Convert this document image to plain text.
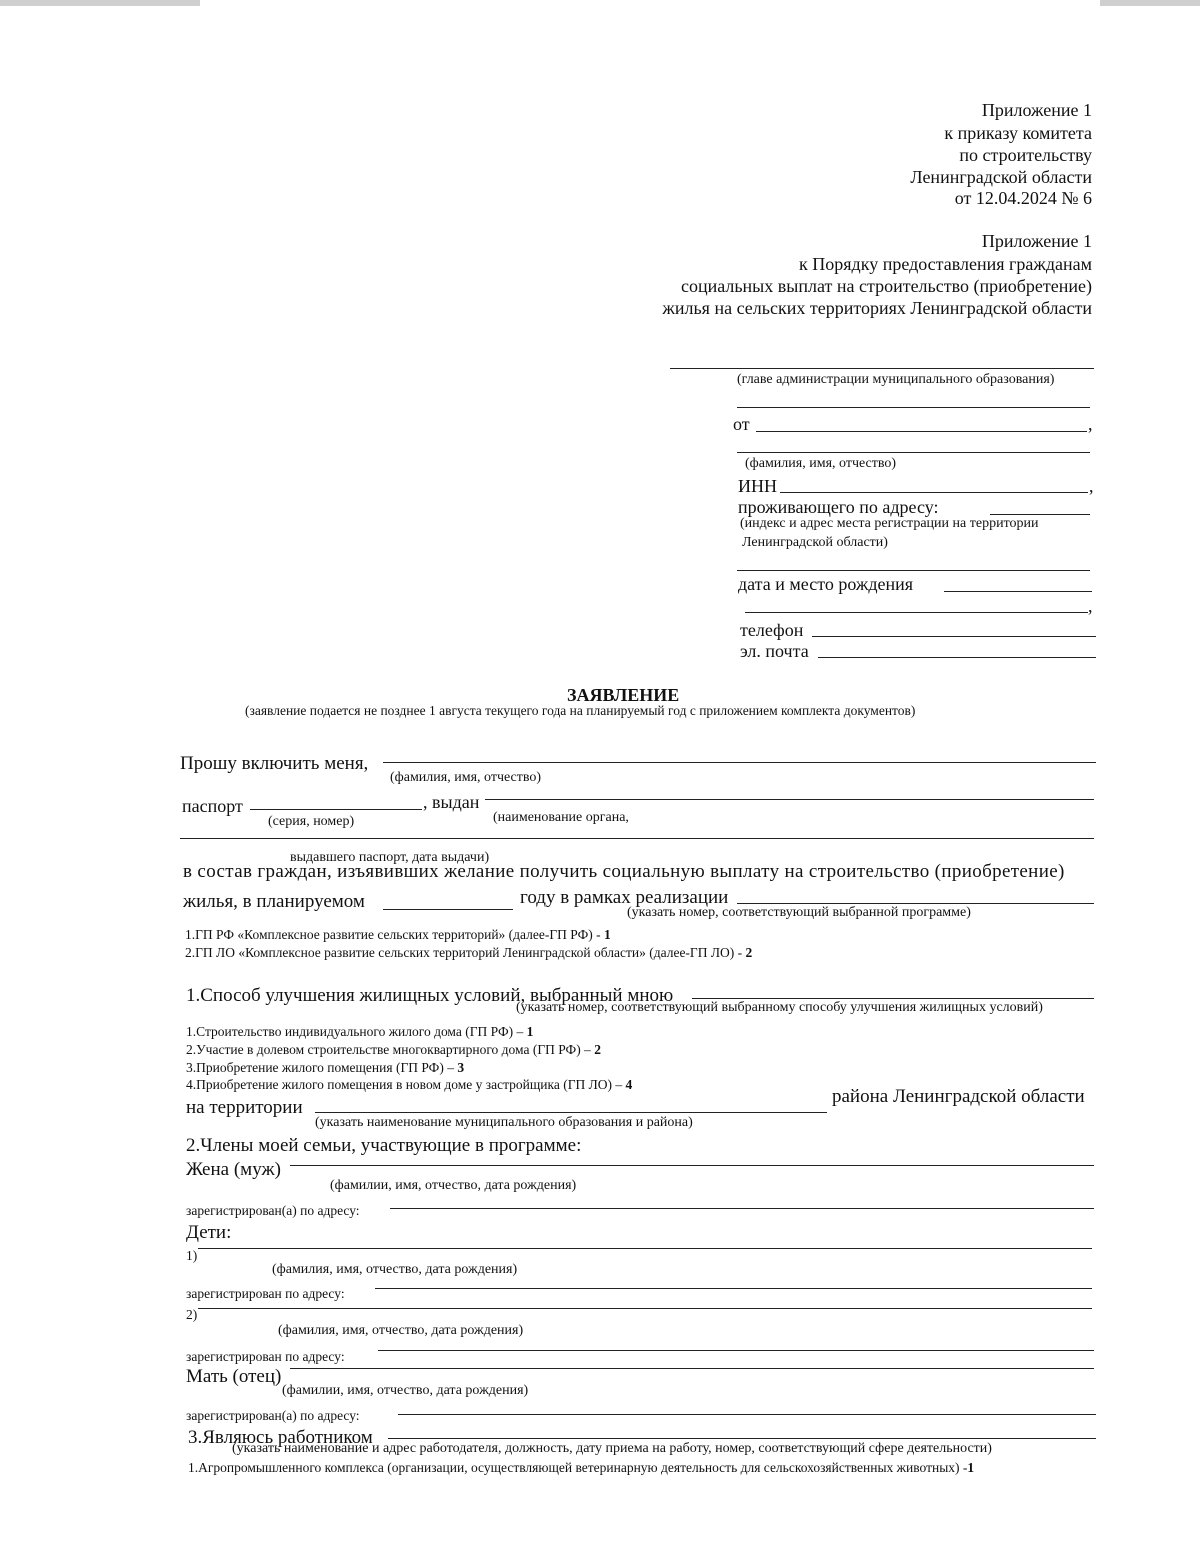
Приложение 1
к приказу комитета
по строительству
Ленинградской области
от 12.04.2024 № 6
Приложение 1
к Порядку предоставления гражданам
социальных выплат на строительство (приобретение)
жилья на сельских территориях Ленинградской области
(главе администрации муниципального образования)
от	,
(фамилия, имя, отчество)
ИНН	,
проживающего по адресу:
(индекс и адрес места регистрации на территории
Ленинградской области)
дата и место рождения
,
телефон
эл. почта
ЗАЯВЛЕНИЕ
(заявление подается не позднее 1 августа текущего года на планируемый год с приложением комплекта документов)
Прошу включить меня,
(фамилия, имя, отчество)
паспорт	, выдан
(серия, номер)	(наименование органа,
выдавшего паспорт, дата выдачи)
в состав граждан, изъявивших желание получить социальную выплату на строительство (приобретение)
жилья, в планируемом	году в рамках реализации
(указать номер, соответствующий выбранной программе)
1.ГП РФ «Комплексное развитие сельских территорий» (далее-ГП РФ) - 1
2.ГП ЛО «Комплексное развитие сельских территорий Ленинградской области» (далее-ГП ЛО) - 2
1.Способ улучшения жилищных условий, выбранный мною
(указать номер, соответствующий выбранному способу улучшения жилищных условий)
1.Строительство индивидуального жилого дома (ГП РФ) – 1
2.Участие в долевом строительстве многоквартирного дома (ГП РФ) – 2
3.Приобретение жилого помещения (ГП РФ) – 3
4.Приобретение жилого помещения в новом доме у застройщика (ГП ЛО) – 4
на территории
района Ленинградской области
(указать наименование муниципального образования и района)
2.Члены моей семьи, участвующие в программе:
Жена (муж)
(фамилии, имя, отчество, дата рождения)
зарегистрирован(а) по адресу:
Дети:
1)
(фамилия, имя, отчество, дата рождения)
зарегистрирован по адресу:
2)
(фамилия, имя, отчество, дата рождения)
зарегистрирован по адресу:
Мать (отец)
(фамилии, имя, отчество, дата рождения)
зарегистрирован(а) по адресу:
3.Являюсь работником
(указать наименование и адрес работодателя, должность, дату приема на работу, номер, соответствующий сфере деятельности)
1.Агропромышленного комплекса (организации, осуществляющей ветеринарную деятельность для сельскохозяйственных животных) -1
